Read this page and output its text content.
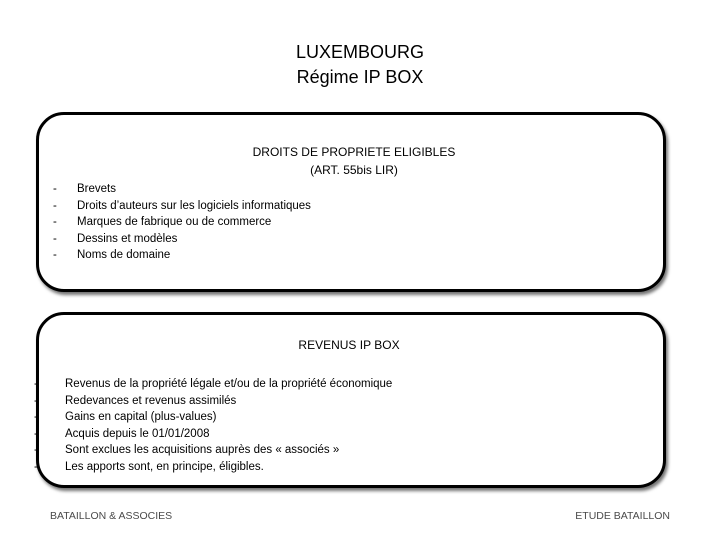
LUXEMBOURG
Régime IP BOX
DROITS DE PROPRIETE ELIGIBLES
(ART. 55bis LIR)
- Brevets
- Droits d’auteurs sur les logiciels informatiques
- Marques de fabrique ou de commerce
- Dessins et modèles
- Noms de domaine
REVENUS IP BOX
- Revenus de la propriété légale et/ou de la propriété économique
- Redevances et revenus assimilés
- Gains en capital (plus-values)
- Acquis depuis le 01/01/2008
- Sont exclues les acquisitions auprès des « associés »
- Les apports sont, en principe, éligibles.
BATAILLON & ASSOCIES	ETUDE BATAILLON
